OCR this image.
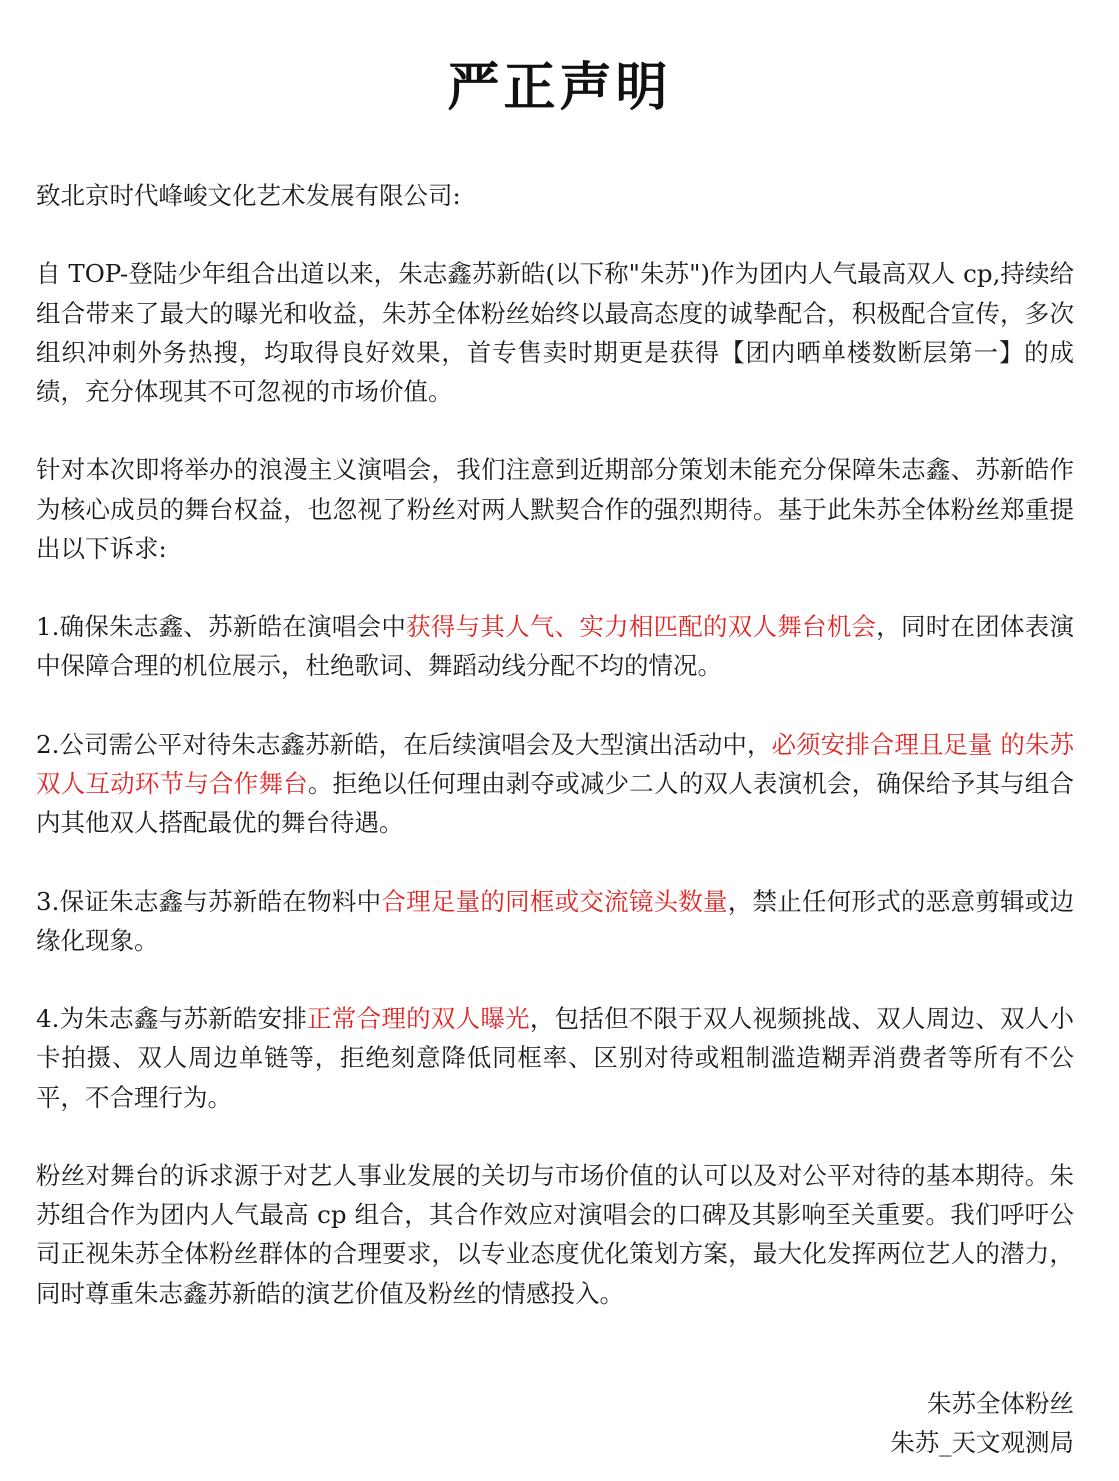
严正声明

致北京时代峰峻文化艺术发展有限公司:

自 TOP-登陆少年组合出道以来，朱志鑫苏新皓(以下称"朱苏")作为团内人气最高双人 cp,持续给组合带来了最大的曝光和收益，朱苏全体粉丝始终以最高态度的诚挚配合，积极配合宣传，多次组织冲刺外务热搜，均取得良好效果，首专售卖时期更是获得【团内晒单楼数断层第一】的成绩，充分体现其不可忽视的市场价值。

针对本次即将举办的浪漫主义演唱会，我们注意到近期部分策划未能充分保障朱志鑫、苏新皓作为核心成员的舞台权益，也忽视了粉丝对两人默契合作的强烈期待。基于此朱苏全体粉丝郑重提出以下诉求:

1.确保朱志鑫、苏新皓在演唱会中获得与其人气、实力相匹配的双人舞台机会，同时在团体表演中保障合理的机位展示，杜绝歌词、舞蹈动线分配不均的情况。

2.公司需公平对待朱志鑫苏新皓，在后续演唱会及大型演出活动中，必须安排合理且足量 的朱苏双人互动环节与合作舞台。拒绝以任何理由剥夺或减少二人的双人表演机会，确保给予其与组合内其他双人搭配最优的舞台待遇。

3.保证朱志鑫与苏新皓在物料中合理足量的同框或交流镜头数量，禁止任何形式的恶意剪辑或边缘化现象。

4.为朱志鑫与苏新皓安排正常合理的双人曝光，包括但不限于双人视频挑战、双人周边、双人小卡拍摄、双人周边单链等，拒绝刻意降低同框率、区别对待或粗制滥造糊弄消费者等所有不公平，不合理行为。

粉丝对舞台的诉求源于对艺人事业发展的关切与市场价值的认可以及对公平对待的基本期待。朱苏组合作为团内人气最高 cp 组合，其合作效应对演唱会的口碑及其影响至关重要。我们呼吁公司正视朱苏全体粉丝群体的合理要求，以专业态度优化策划方案，最大化发挥两位艺人的潜力，同时尊重朱志鑫苏新皓的演艺价值及粉丝的情感投入。

朱苏全体粉丝
朱苏_天文观测局
